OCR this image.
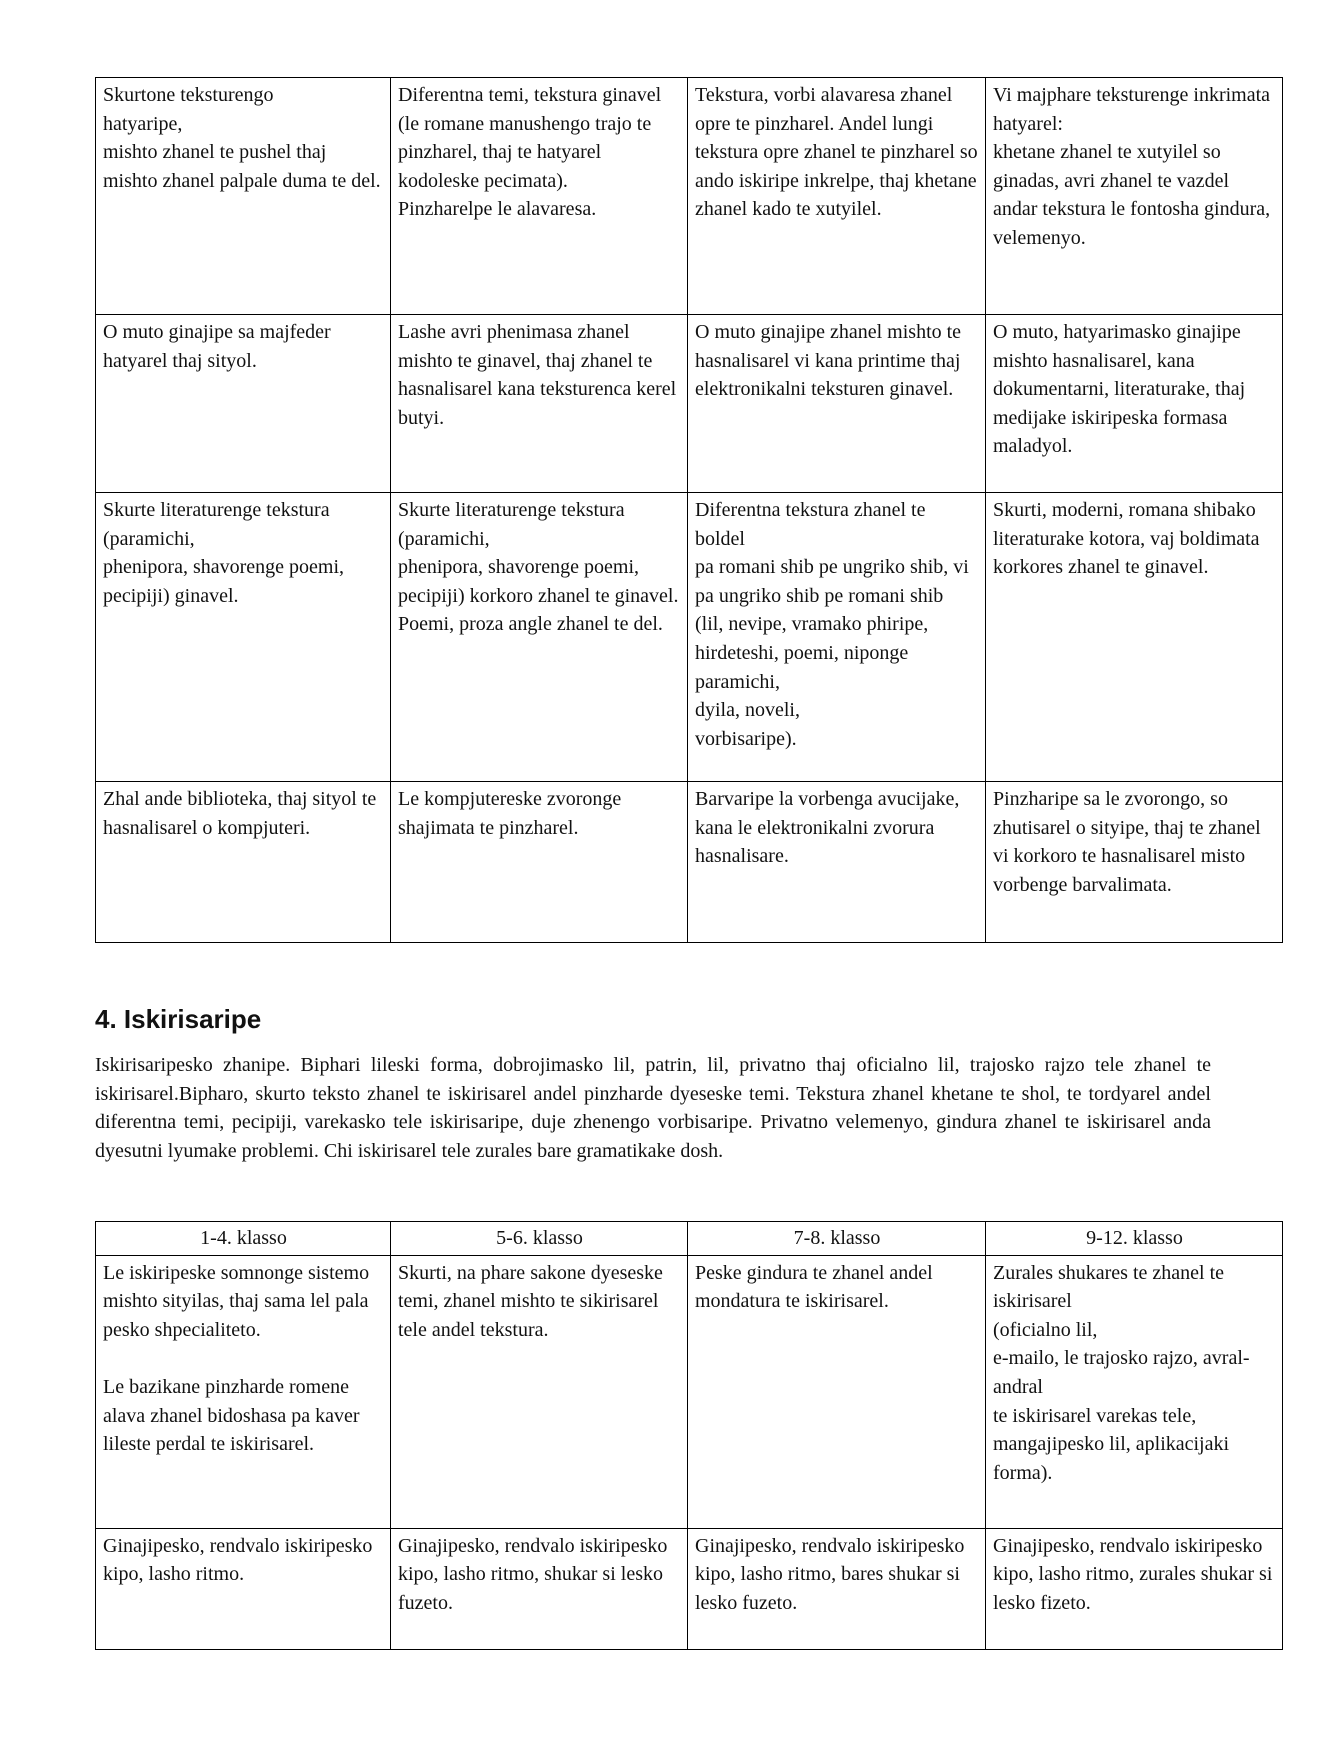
Skurtone teksturengo
hatyaripe,
mishto zhanel te pushel thaj mishto zhanel palpale duma te del.	Diferentna temi, tekstura ginavel (le romane manushengo trajo te pinzharel, thaj te hatyarel kodoleske pecimata).
Pinzharelpe le alavaresa.	Tekstura, vorbi alavaresa zhanel opre te pinzharel. Andel lungi tekstura opre zhanel te pinzharel so ando iskiripe inkrelpe, thaj khetane zhanel kado te xutyilel.	Vi majphare teksturenge inkrimata hatyarel:
khetane zhanel te xutyilel so ginadas, avri zhanel te vazdel andar tekstura le fontosha gindura, velemenyo.
O muto ginajipe sa majfeder hatyarel thaj sityol.	Lashe avri phenimasa zhanel mishto te ginavel, thaj zhanel te hasnalisarel kana teksturenca kerel butyi.	O muto ginajipe zhanel mishto te hasnalisarel vi kana printime thaj elektronikalni teksturen ginavel.	O muto, hatyarimasko ginajipe mishto hasnalisarel, kana dokumentarni, literaturake, thaj medijake iskiripeska formasa maladyol.
Skurte literaturenge tekstura (paramichi,
phenipora, shavorenge poemi, pecipiji) ginavel.	Skurte literaturenge tekstura (paramichi,
phenipora, shavorenge poemi, pecipiji) korkoro zhanel te ginavel.
Poemi, proza angle zhanel te del.	Diferentna tekstura zhanel te boldel
pa romani shib pe ungriko shib, vi pa ungriko shib pe romani shib
(lil, nevipe, vramako phiripe, hirdeteshi, poemi, niponge paramichi,
dyila, noveli,
vorbisaripe).	Skurti, moderni, romana shibako literaturake kotora, vaj boldimata korkores zhanel te ginavel.
Zhal ande biblioteka, thaj sityol te hasnalisarel o kompjuteri.	Le kompjutereske zvoronge shajimata te pinzharel.	Barvaripe la vorbenga avucijake, kana le elektronikalni zvorura hasnalisare.	Pinzharipe sa le zvorongo, so zhutisarel o sityipe, thaj te zhanel vi korkoro te hasnalisarel misto vorbenge barvalimata.
4. Iskirisaripe

Iskirisaripesko zhanipe. Biphari lileski forma, dobrojimasko lil, patrin, lil, privatno thaj oficialno lil, trajosko rajzo tele zhanel te iskirisarel.Bipharo, skurto teksto zhanel te iskirisarel andel pinzharde dyeseske temi. Tekstura zhanel khetane te shol, te tordyarel andel diferentna temi, pecipiji, varekasko tele iskirisaripe, duje zhenengo vorbisaripe. Privatno velemenyo, gindura zhanel te iskirisarel anda dyesutni lyumake problemi. Chi iskirisarel tele zurales bare gramatikake dosh.

1-4. klasso	5-6. klasso	7-8. klasso	9-12. klasso
Le iskiripeske somnonge sistemo mishto sityilas, thaj sama lel pala pesko shpecialiteto.

Le bazikane pinzharde romene alava zhanel bidoshasa pa kaver lileste perdal te iskirisarel.	Skurti, na phare sakone dyeseske temi, zhanel mishto te sikirisarel tele andel tekstura.	Peske gindura te zhanel andel mondatura te iskirisarel.	Zurales shukares te zhanel te iskirisarel
(oficialno lil,
e-mailo, le trajosko rajzo, avral-andral
te iskirisarel varekas tele, mangajipesko lil, aplikacijaki forma).
Ginajipesko, rendvalo iskiripesko kipo, lasho ritmo.	Ginajipesko, rendvalo iskiripesko kipo, lasho ritmo, shukar si lesko fuzeto.	Ginajipesko, rendvalo iskiripesko kipo, lasho ritmo, bares shukar si lesko fuzeto.	Ginajipesko, rendvalo iskiripesko kipo, lasho ritmo, zurales shukar si lesko fizeto.
